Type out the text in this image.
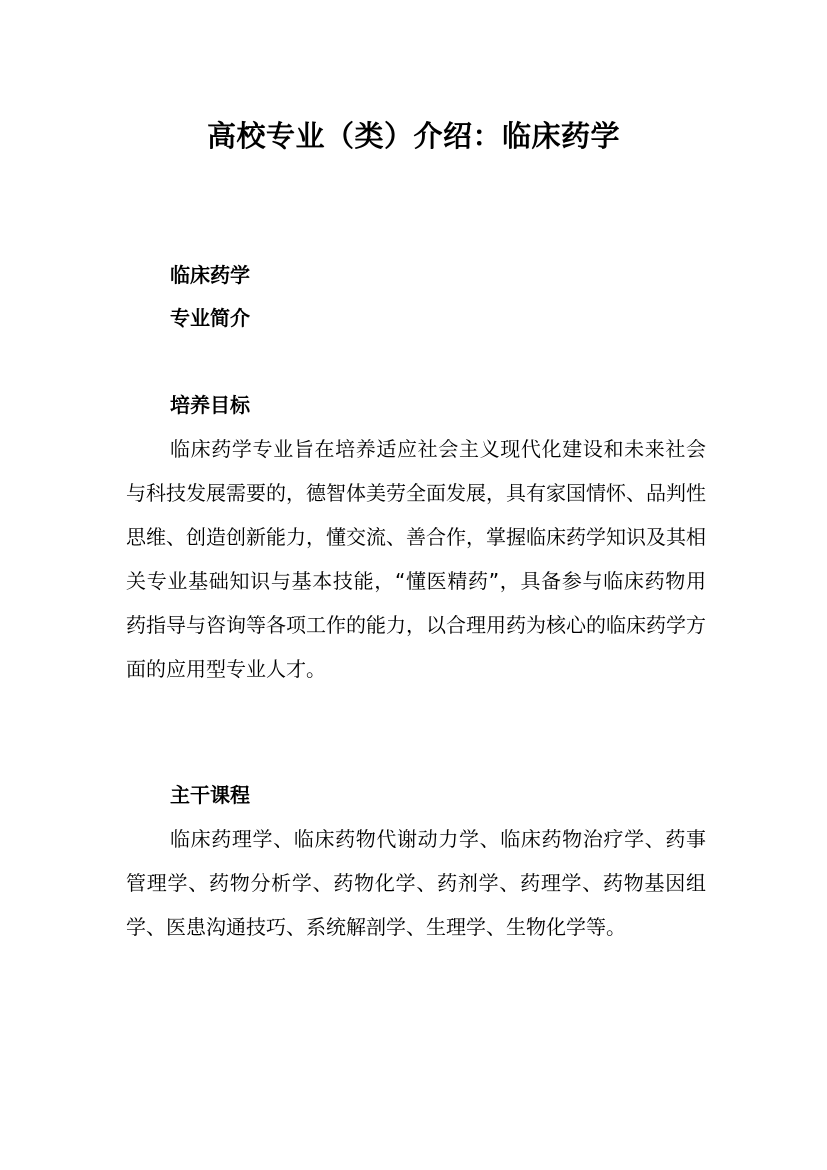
高校专业（类）介绍：临床药学
临床药学
专业简介
培养目标
临床药学专业旨在培养适应社会主义现代化建设和未来社会与科技发展需要的，德智体美劳全面发展，具有家国情怀、品判性思维、创造创新能力，懂交流、善合作，掌握临床药学知识及其相关专业基础知识与基本技能，“懂医精药”，具备参与临床药物用药指导与咨询等各项工作的能力，以合理用药为核心的临床药学方面的应用型专业人才。
主干课程
临床药理学、临床药物代谢动力学、临床药物治疗学、药事管理学、药物分析学、药物化学、药剂学、药理学、药物基因组学、医患沟通技巧、系统解剖学、生理学、生物化学等。
